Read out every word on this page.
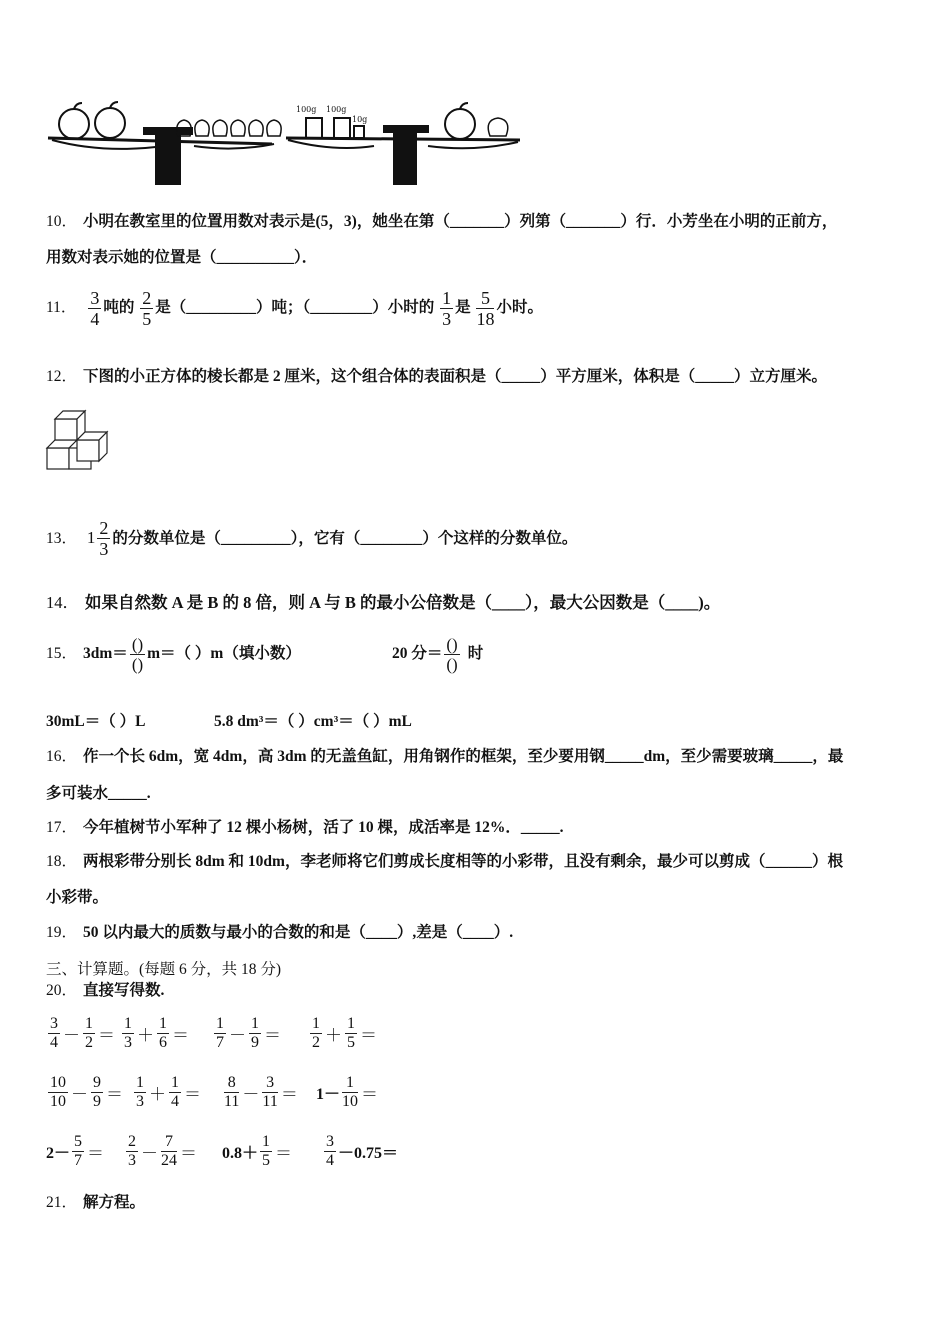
100g 100g
10g
10． 小明在教室里的位置用数对表示是(5，3)，她坐在第（_______）列第（_______）行．小芳坐在小明的正前方，
用数对表示她的位置是（__________）．
11． $\frac{3}{4}$ 吨的 $\frac{2}{5}$ 是（_________）吨；（________）小时的 $\frac{1}{3}$ 是 $\frac{5}{18}$ 小时。
12． 下图的小正方体的棱长都是 2 厘米，这个组合体的表面积是（_____）平方厘米，体积是（_____）立方厘米。
13． $1 \frac{2}{3}$ 的分数单位是（_________），它有（________）个这样的分数单位。
14． 如果自然数 A 是 B 的 8 倍，则 A 与 B 的最小公倍数是（____），最大公因数是（____)。
15． $3dm= \frac{()}{()} m=$（ ）m（填小数）	20 分＝ $\frac{()}{()}$ 时
30mL＝（ ）L	5.8 dm³＝（ ）cm³＝（ ）mL
16． 作一个长 6dm，宽 4dm，高 3dm 的无盖鱼缸，用角钢作的框架，至少要用钢_____dm，至少需要玻璃_____，最
多可装水_____.
17． 今年植树节小军种了 12 棵小杨树，活了 10 棵，成活率是 12%．_____.
18． 两根彩带分别长 8dm 和 10dm，李老师将它们剪成长度相等的小彩带，且没有剩余，最少可以剪成（______）根
小彩带。
19． 50 以内最大的质数与最小的合数的和是（____）,差是（____）.
三、计算题。(每题 6 分，共 18 分)
20． 直接写得数.
$\frac{3}{4} - \frac{1}{2} = \frac{1}{3} + \frac{1}{6} = \frac{1}{7} - \frac{1}{9} = \frac{1}{2} + \frac{1}{5}$ ＝
$\frac{10}{10} - \frac{9}{9} = \frac{1}{3} + \frac{1}{4} = \frac{8}{11} - \frac{3}{11} = 1- \frac{1}{10}$ ＝
$2- \frac{5}{7} = \frac{2}{3} - \frac{7}{24} = 0.8+ \frac{1}{5} = \frac{3}{4} -0.75=$
21． 解方程。
